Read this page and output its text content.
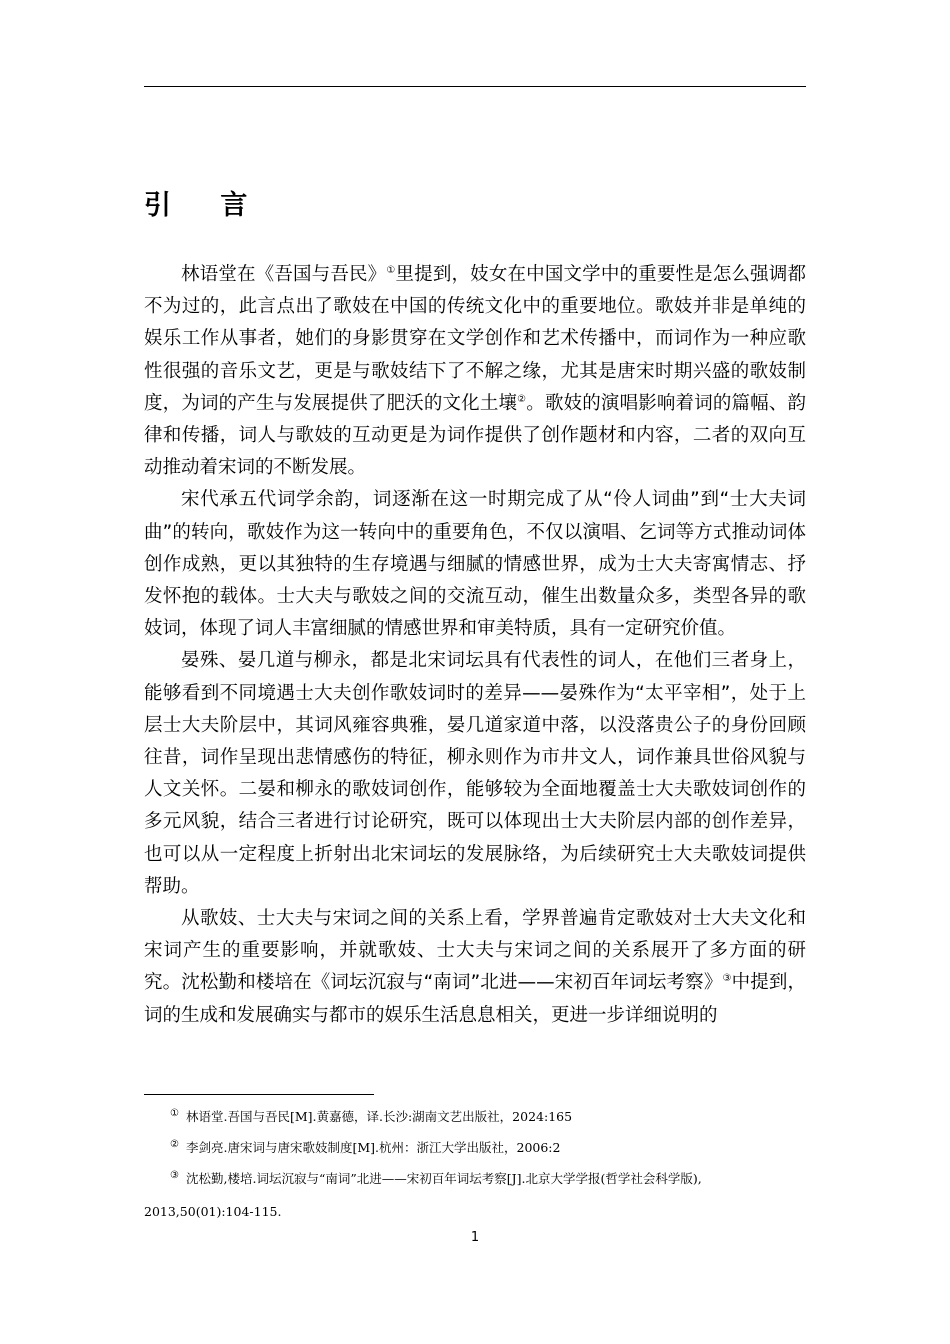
引 言

林语堂在《吾国与吾民》①里提到，妓女在中国文学中的重要性是怎么强调都不为过的，此言点出了歌妓在中国的传统文化中的重要地位。歌妓并非是单纯的娱乐工作从事者，她们的身影贯穿在文学创作和艺术传播中，而词作为一种应歌性很强的音乐文艺，更是与歌妓结下了不解之缘，尤其是唐宋时期兴盛的歌妓制度，为词的产生与发展提供了肥沃的文化土壤②。歌妓的演唱影响着词的篇幅、韵律和传播，词人与歌妓的互动更是为词作提供了创作题材和内容，二者的双向互动推动着宋词的不断发展。

宋代承五代词学余韵，词逐渐在这一时期完成了从“伶人词曲”到“士大夫词曲”的转向，歌妓作为这一转向中的重要角色，不仅以演唱、乞词等方式推动词体创作成熟，更以其独特的生存境遇与细腻的情感世界，成为士大夫寄寓情志、抒发怀抱的载体。士大夫与歌妓之间的交流互动，催生出数量众多，类型各异的歌妓词，体现了词人丰富细腻的情感世界和审美特质，具有一定研究价值。

晏殊、晏几道与柳永，都是北宋词坛具有代表性的词人，在他们三者身上，能够看到不同境遇士大夫创作歌妓词时的差异——晏殊作为“太平宰相”，处于上层士大夫阶层中，其词风雍容典雅，晏几道家道中落，以没落贵公子的身份回顾往昔，词作呈现出悲情感伤的特征，柳永则作为市井文人，词作兼具世俗风貌与人文关怀。二晏和柳永的歌妓词创作，能够较为全面地覆盖士大夫歌妓词创作的多元风貌，结合三者进行讨论研究，既可以体现出士大夫阶层内部的创作差异，也可以从一定程度上折射出北宋词坛的发展脉络，为后续研究士大夫歌妓词提供帮助。

从歌妓、士大夫与宋词之间的关系上看，学界普遍肯定歌妓对士大夫文化和宋词产生的重要影响，并就歌妓、士大夫与宋词之间的关系展开了多方面的研究。沈松勤和楼培在《词坛沉寂与“南词”北进——宋初百年词坛考察》③中提到，词的生成和发展确实与都市的娱乐生活息息相关，更进一步详细说明的

① 林语堂.吾国与吾民[M].黄嘉德，译.长沙:湖南文艺出版社，2024:165
② 李剑亮.唐宋词与唐宋歌妓制度[M].杭州：浙江大学出版社，2006:2
③ 沈松勤,楼培.词坛沉寂与“南词”北进——宋初百年词坛考察[J].北京大学学报(哲学社会科学版),
2013,50(01):104-115.
1
